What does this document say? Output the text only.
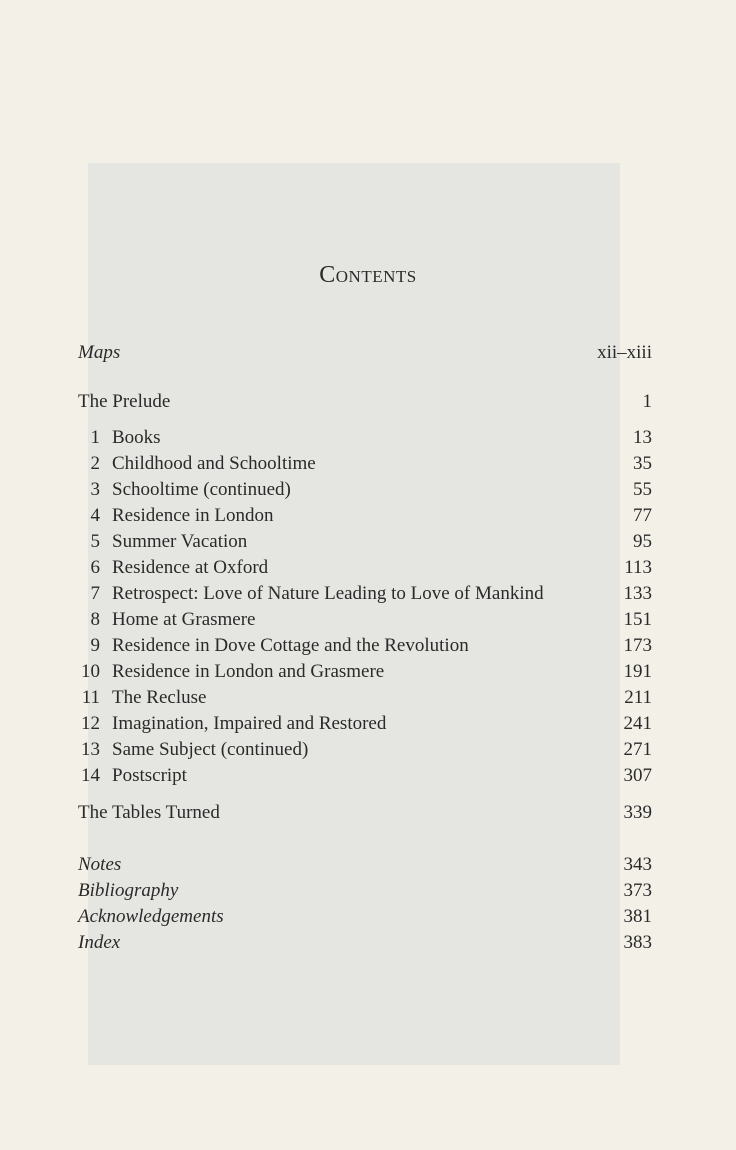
Contents
Maps	xii–xiii
The Prelude	1
1 Books	13
2 Childhood and Schooltime	35
3 Schooltime (continued)	55
4 Residence in London	77
5 Summer Vacation	95
6 Residence at Oxford	113
7 Retrospect: Love of Nature Leading to Love of Mankind	133
8 Home at Grasmere	151
9 Residence in Dove Cottage and the Revolution	173
10 Residence in London and Grasmere	191
11 The Recluse	211
12 Imagination, Impaired and Restored	241
13 Same Subject (continued)	271
14 Postscript	307
The Tables Turned	339
Notes	343
Bibliography	373
Acknowledgements	381
Index	383
